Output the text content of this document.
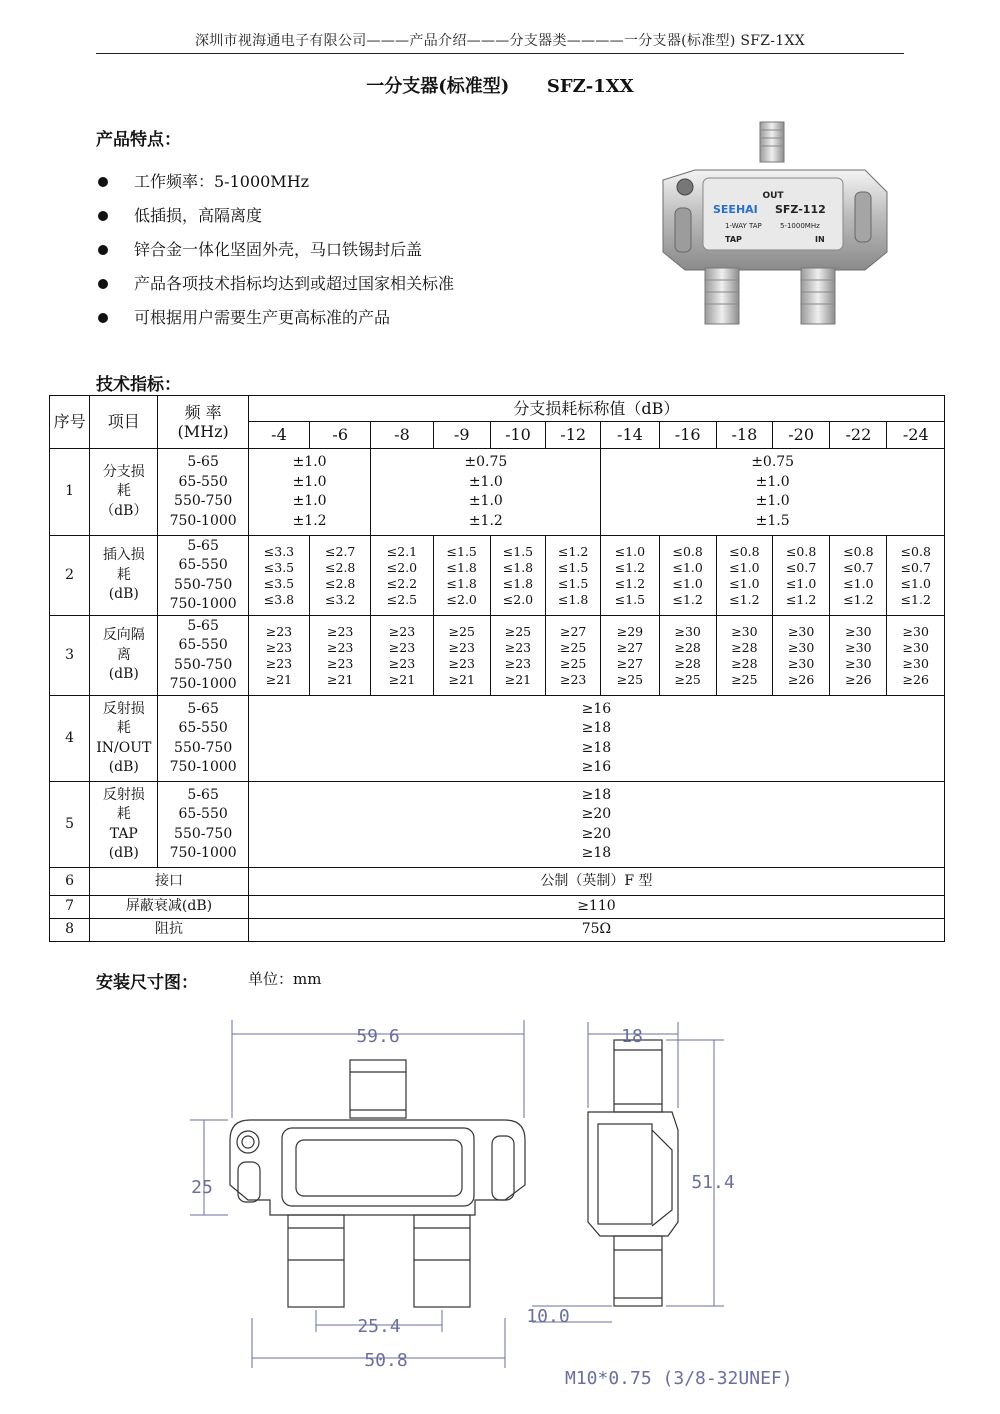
深圳市视海通电子有限公司———产品介绍———分支器类————一分支器(标准型) SFZ-1XX
一分支器(标准型)      SFZ-1XX
产品特点：
工作频率：5-1000MHz
低插损，高隔离度
锌合金一体化坚固外壳，马口铁锡封后盖
产品各项技术指标均达到或超过国家相关标准
可根据用户需要生产更高标准的产品
OUT
SEEHAI SFZ-112
1-WAY TAP	5-1000MHz
TAP	IN
技术指标：
序号	项目	频 率 (MHz)	分支损耗标称值（dB）											
			-4	-6	-8	-9	-10	-12	-14	-16	-18	-20	-22	-24
1	分支损
耗
（dB）	5-65
65-550
550-750
750-1000	±1.0
±1.0
±1.0
±1.2		±0.75
±1.0
±1.0
±1.2				±0.75
±1.0
±1.0
±1.5					

2	插入损
耗
(dB)	5-65
65-550
550-750
750-1000	≤3.3
≤3.5
≤3.5
≤3.8	≤2.7
≤2.8
≤2.8
≤3.2	≤2.1
≤2.0
≤2.2
≤2.5	≤1.5
≤1.8
≤1.8
≤2.0	≤1.5
≤1.8
≤1.8
≤2.0	≤1.2
≤1.5
≤1.5
≤1.8	≤1.0
≤1.2
≤1.2
≤1.5	≤0.8
≤1.0
≤1.0
≤1.2	≤0.8
≤1.0
≤1.0
≤1.2	≤0.8
≤0.7
≤1.0
≤1.2	≤0.8
≤0.7
≤1.0
≤1.2	≤0.8
≤0.7
≤1.0
≤1.2

3	反向隔
离
(dB)	5-65
65-550
550-750
750-1000	≥23
≥23
≥23
≥21	≥23
≥23
≥23
≥21	≥23
≥23
≥23
≥21	≥25
≥23
≥23
≥21	≥25
≥23
≥23
≥21	≥27
≥25
≥25
≥23	≥29
≥27
≥27
≥25	≥30
≥28
≥28
≥25	≥30
≥28
≥28
≥25	≥30
≥30
≥30
≥26	≥30
≥30
≥30
≥26	≥30
≥30
≥30
≥26

4	反射损
耗
IN/OUT
(dB)	5-65
65-550
550-750
750-1000	≥16
≥18
≥18
≥16											

5	反射损
耗
TAP
(dB)	5-65
65-550
550-750
750-1000	≥18
≥20
≥20
≥18											

6	接口		公制（英制）F 型											
7	屏蔽衰减(dB)		≥110											
8	阻抗		75Ω											
安装尺寸图：	单位：mm
59.6
25
25.4
50.8
18
51.4
10.0
M10*0.75 (3/8-32UNEF)
